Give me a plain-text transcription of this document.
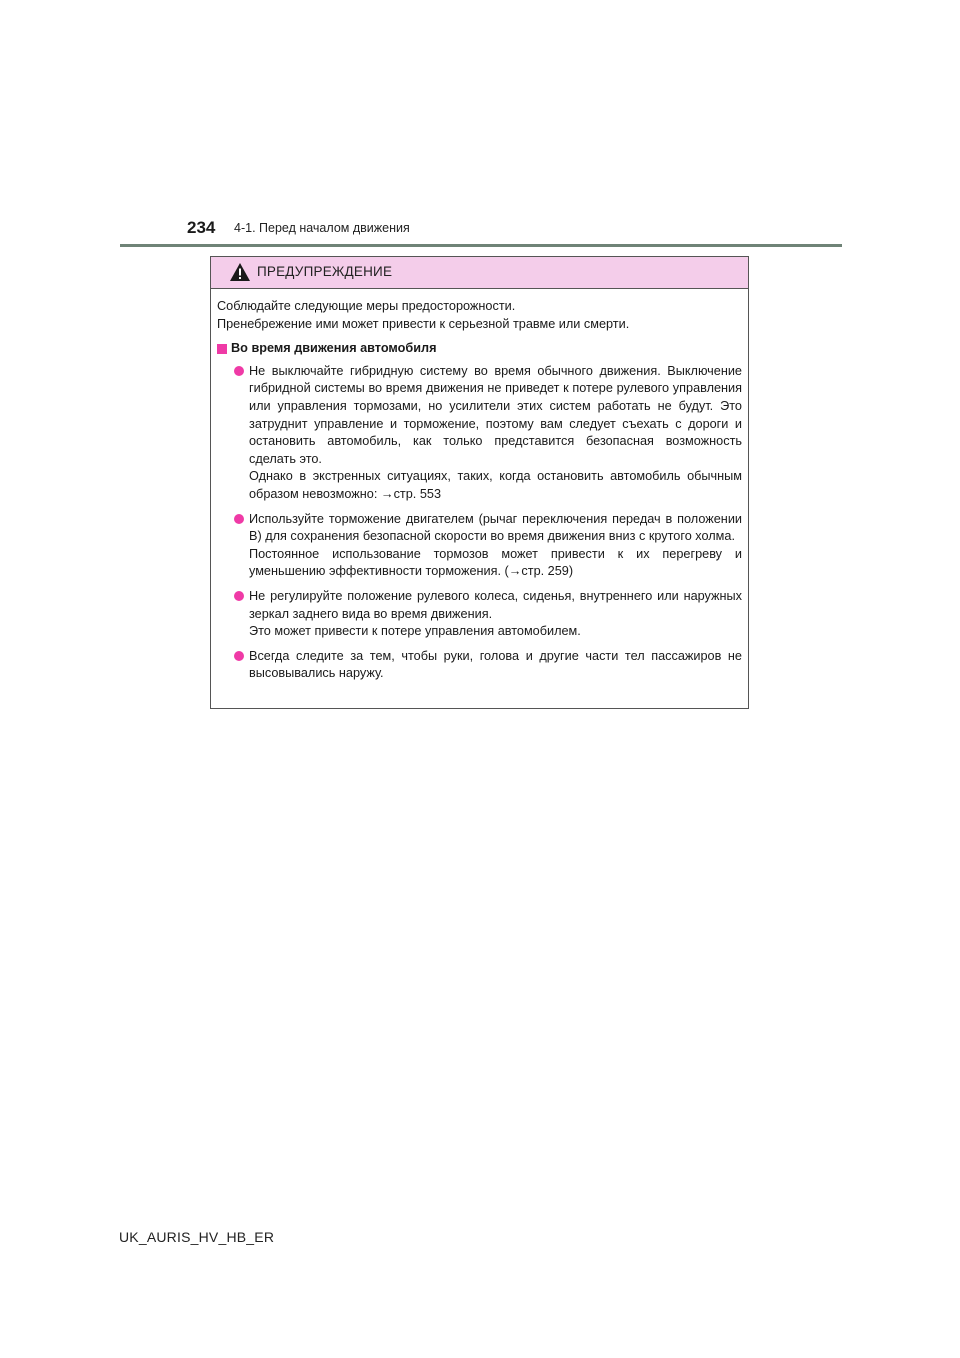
234 4-1. Перед началом движения
ПРЕДУПРЕЖДЕНИЕ

Соблюдайте следующие меры предосторожности.

Пренебрежение ими может привести к серьезной травме или смерти.

Во время движения автомобиля

Не выключайте гибридную систему во время обычного движения. Выключение гибридной системы во время движения не приведет к потере рулевого управления или управления тормозами, но усилители этих систем работать не будут. Это затруднит управление и торможение, поэтому вам следует съехать с дороги и остановить автомобиль, как только представится безопасная возможность сделать это.

Однако в экстренных ситуациях, таких, когда остановить автомобиль обычным образом невозможно: →стр. 553

Используйте торможение двигателем (рычаг переключения передач в положении B) для сохранения безопасной скорости во время движения вниз с крутого холма.

Постоянное использование тормозов может привести к их перегреву и уменьшению эффективности торможения. (→стр. 259)

Не регулируйте положение рулевого колеса, сиденья, внутреннего или наружных зеркал заднего вида во время движения.

Это может привести к потере управления автомобилем.

Всегда следите за тем, чтобы руки, голова и другие части тел пассажиров не высовывались наружу.

UK_AURIS_HV_HB_ER
